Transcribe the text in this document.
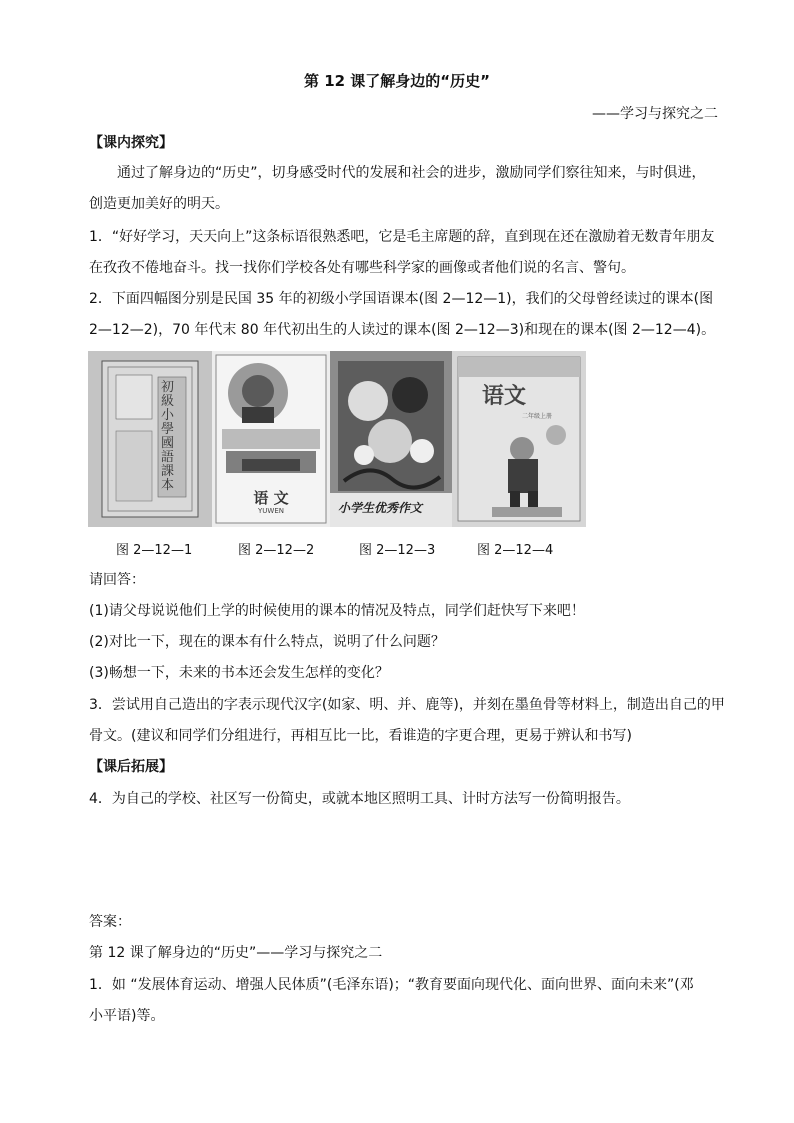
第 12 课了解身边的“历史”
——学习与探究之二
【课内探究】
通过了解身边的“历史”，切身感受时代的发展和社会的进步，激励同学们察往知来，与时俱进，
创造更加美好的明天。
1．“好好学习，天天向上”这条标语很熟悉吧，它是毛主席题的辞，直到现在还在激励着无数青年朋友
在孜孜不倦地奋斗。找一找你们学校各处有哪些科学家的画像或者他们说的名言、警句。
2．下面四幅图分别是民国 35 年的初级小学国语课本(图 2—12—1)，我们的父母曾经读过的课本(图
2—12—2)，70 年代末 80 年代初出生的人读过的课本(图 2—12—3)和现在的课本(图 2—12—4)。
初級小學國語課本
语 文
YUWEN	小学生优秀作文
语文
二年级上册
图 2—12—1	图 2—12—2	图 2—12—3	图 2—12—4
请回答：
(1)请父母说说他们上学的时候使用的课本的情况及特点，同学们赶快写下来吧！
(2)对比一下，现在的课本有什么特点，说明了什么问题？
(3)畅想一下，未来的书本还会发生怎样的变化？
3．尝试用自己造出的字表示现代汉字(如家、明、并、鹿等)，并刻在墨鱼骨等材料上，制造出自己的甲
骨文。(建议和同学们分组进行，再相互比一比，看谁造的字更合理，更易于辨认和书写)
【课后拓展】
4．为自己的学校、社区写一份简史，或就本地区照明工具、计时方法写一份简明报告。
答案：
第 12 课了解身边的“历史”——学习与探究之二
1．如 “发展体育运动、增强人民体质”(毛泽东语)；“教育要面向现代化、面向世界、面向未来”(邓
小平语)等。
